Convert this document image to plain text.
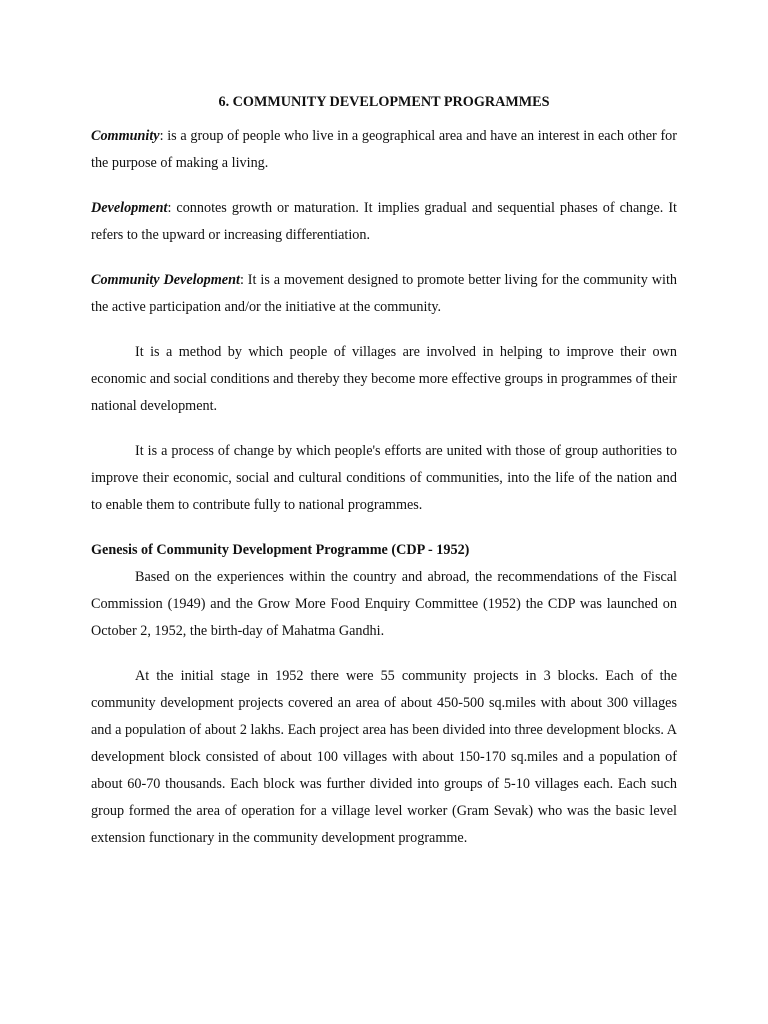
6. COMMUNITY DEVELOPMENT PROGRAMMES

Community: is a group of people who live in a geographical area and have an interest in each other for the purpose of making a living.

Development: connotes growth or maturation. It implies gradual and sequential phases of change. It refers to the upward or increasing differentiation.

Community Development: It is a movement designed to promote better living for the community with the active participation and/or the initiative at the community.

It is a method by which people of villages are involved in helping to improve their own economic and social conditions and thereby they become more effective groups in programmes of their national development.

It is a process of change by which people's efforts are united with those of group authorities to improve their economic, social and cultural conditions of communities, into the life of the nation and to enable them to contribute fully to national programmes.

Genesis of Community Development Programme (CDP - 1952)

Based on the experiences within the country and abroad, the recommendations of the Fiscal Commission (1949) and the Grow More Food Enquiry Committee (1952) the CDP was launched on October 2, 1952, the birth-day of Mahatma Gandhi.

At the initial stage in 1952 there were 55 community projects in 3 blocks. Each of the community development projects covered an area of about 450-500 sq.miles with about 300 villages and a population of about 2 lakhs. Each project area has been divided into three development blocks. A development block consisted of about 100 villages with about 150-170 sq.miles and a population of about 60-70 thousands. Each block was further divided into groups of 5-10 villages each. Each such group formed the area of operation for a village level worker (Gram Sevak) who was the basic level extension functionary in the community development programme.
